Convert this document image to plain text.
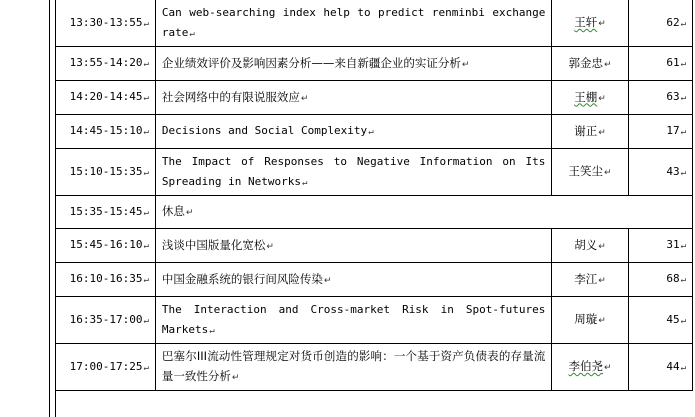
13:30-13:55↵	Can web-searching index help to predict renminbi exchange rate↵	王轩↵	62↵
13:55-14:20↵	企业绩效评价及影响因素分析——来自新疆企业的实证分析↵	郭金忠↵	61↵
14:20-14:45↵	社会网络中的有限说服效应↵	王棚↵	63↵
14:45-15:10↵	Decisions and Social Complexity↵	谢正↵	17↵
15:10-15:35↵	The Impact of Responses to Negative Information on Its Spreading in Networks↵	王笑尘↵	43↵
15:35-15:45↵	休息↵		
15:45-16:10↵	浅谈中国版量化宽松↵	胡义↵	31↵
16:10-16:35↵	中国金融系统的银行间风险传染↵	李江↵	68↵
16:35-17:00↵	The Interaction and Cross-market Risk in Spot-futures Markets↵	周璇↵	45↵
17:00-17:25↵	巴塞尔III流动性管理规定对货币创造的影响：一个基于资产负债表的存量流量一致性分析↵	李伯尧↵	44↵
